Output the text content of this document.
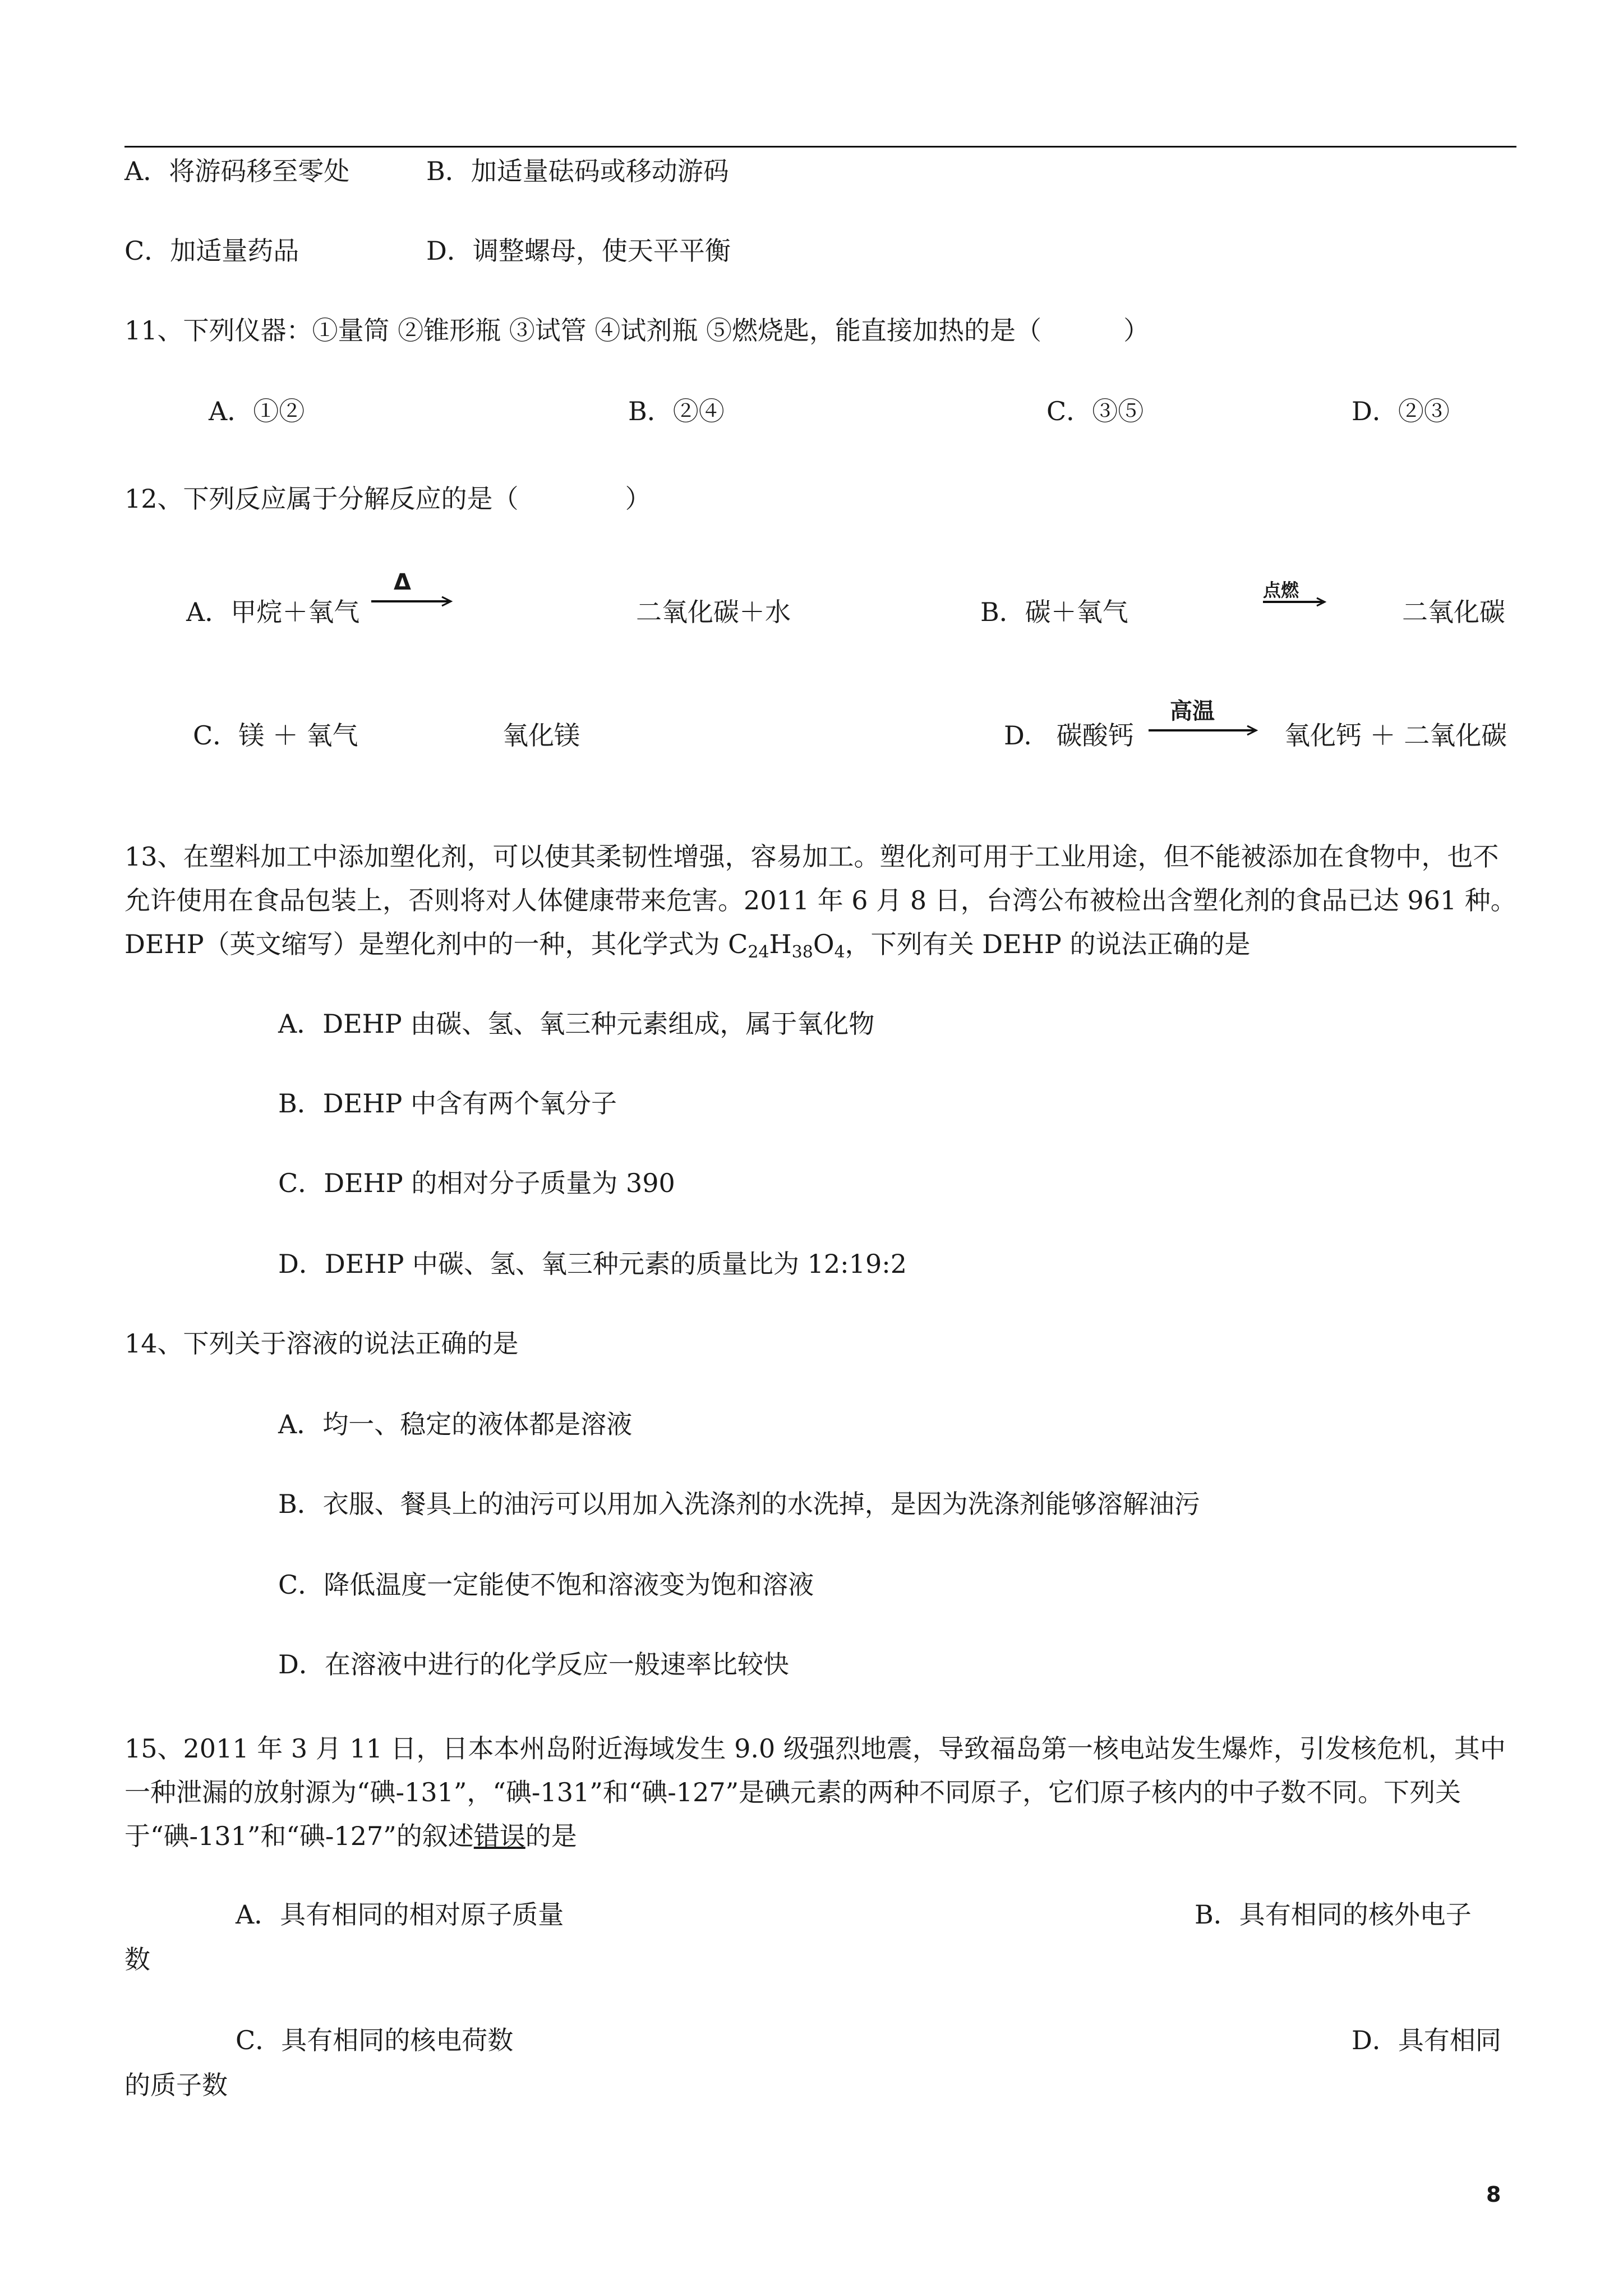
A．将游码移至零处	B．加适量砝码或移动游码
C．加适量药品	D．调整螺母，使天平平衡
11、下列仪器：①量筒 ②锥形瓶 ③试管 ④试剂瓶 ⑤燃烧匙，能直接加热的是（          ）
A．①②	B．②④	C．③⑤	D．②③
12、下列反应属于分解反应的是（             ）
A．甲烷＋氧气
Δ
二氧化碳＋水	B．碳＋氧气
点燃
二氧化碳
C．镁 ＋ 氧气	氧化镁	D.   碳酸钙
高温
氧化钙 ＋ 二氧化碳
13、在塑料加工中添加塑化剂，可以使其柔韧性增强，容易加工。塑化剂可用于工业用途，但不能被添加在食物中，也不允许使用在食品包装上，否则将对人体健康带来危害。2011 年 6 月 8 日，台湾公布被检出含塑化剂的食品已达 961 种。DEHP（英文缩写）是塑化剂中的一种，其化学式为 $C_{24}H_{38}O_4$，下列有关 DEHP 的说法正确的是
A．DEHP 由碳、氢、氧三种元素组成，属于氧化物
B．DEHP 中含有两个氧分子
C．DEHP 的相对分子质量为 390
D．DEHP 中碳、氢、氧三种元素的质量比为 12:19:2
14、下列关于溶液的说法正确的是
A．均一、稳定的液体都是溶液
B．衣服、餐具上的油污可以用加入洗涤剂的水洗掉，是因为洗涤剂能够溶解油污
C．降低温度一定能使不饱和溶液变为饱和溶液
D．在溶液中进行的化学反应一般速率比较快
15、2011 年 3 月 11 日，日本本州岛附近海域发生 9.0 级强烈地震，导致福岛第一核电站发生爆炸，引发核危机，其中一种泄漏的放射源为“碘-131”，“碘-131”和“碘-127”是碘元素的两种不同原子，它们原子核内的中子数不同。下列关于“碘-131”和“碘-127”的叙述错误的是
A．具有相同的相对原子质量	B．具有相同的核外电子
数
C．具有相同的核电荷数	D．具有相同
的质子数
8
